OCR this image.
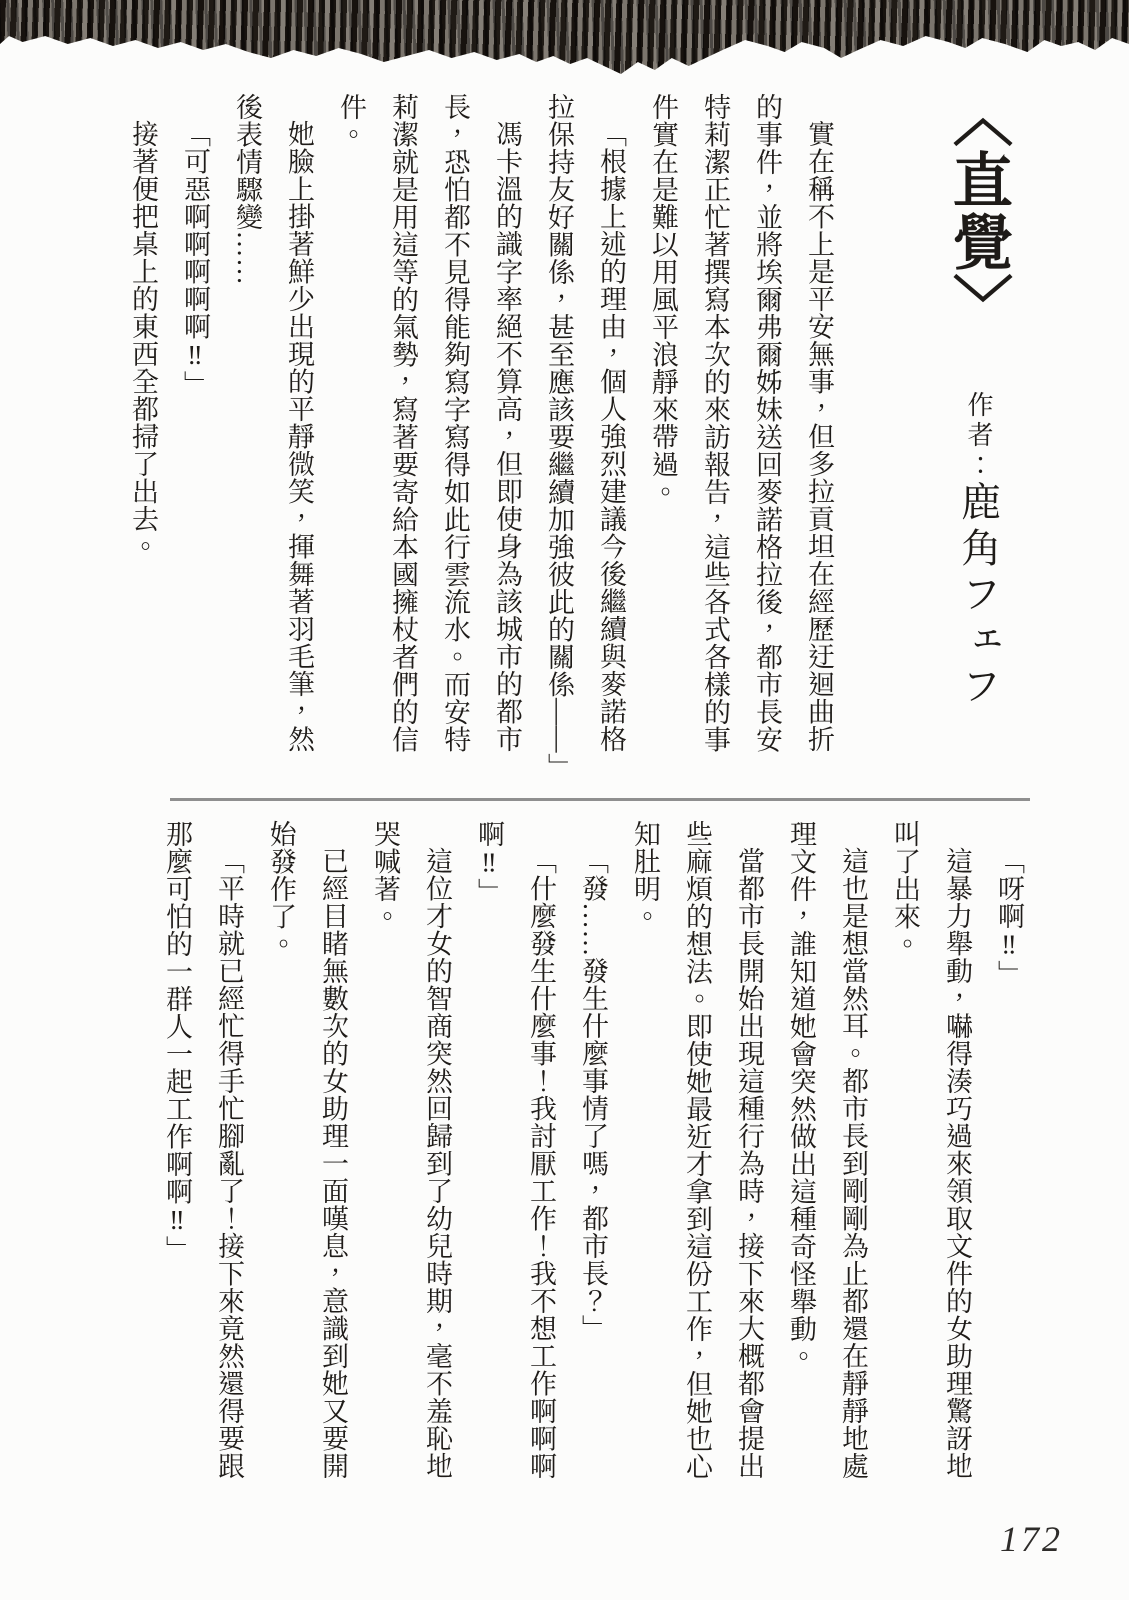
〈直覺〉作者：鹿角フェフ

實在稱不上是平安無事，但多拉貢坦在經歷迂迴曲折的事件，並將埃爾弗爾姊妹送回麥諾格拉後，都市長安特莉潔正忙著撰寫本次的來訪報告，這些各式各樣的事件實在是難以用風平浪靜來帶過。

「根據上述的理由，個人強烈建議今後繼續與麥諾格拉保持友好關係，甚至應該要繼續加強彼此的關係——」

馮卡溫的識字率絕不算高，但即使身為該城市的都市長，恐怕都不見得能夠寫字寫得如此行雲流水。而安特莉潔就是用這等的氣勢，寫著要寄給本國擁杖者們的信件。

她臉上掛著鮮少出現的平靜微笑，揮舞著羽毛筆，然後表情驟變……

「可惡啊啊啊啊啊‼」

接著便把桌上的東西全都掃了出去。

「呀啊‼」

這暴力舉動，嚇得湊巧過來領取文件的女助理驚訝地叫了出來。

這也是想當然耳。都市長到剛剛為止都還在靜靜地處理文件，誰知道她會突然做出這種奇怪舉動。

當都市長開始出現這種行為時，接下來大概都會提出些麻煩的想法。即使她最近才拿到這份工作，但她也心知肚明。

「發……發生什麼事情了嗎，都市長？」

「什麼發生什麼事！我討厭工作！我不想工作啊啊啊啊‼」

這位才女的智商突然回歸到了幼兒時期，毫不羞恥地哭喊著。

已經目睹無數次的女助理一面嘆息，意識到她又要開始發作了。

「平時就已經忙得手忙腳亂了！接下來竟然還得要跟那麼可怕的一群人一起工作啊啊‼」

172
